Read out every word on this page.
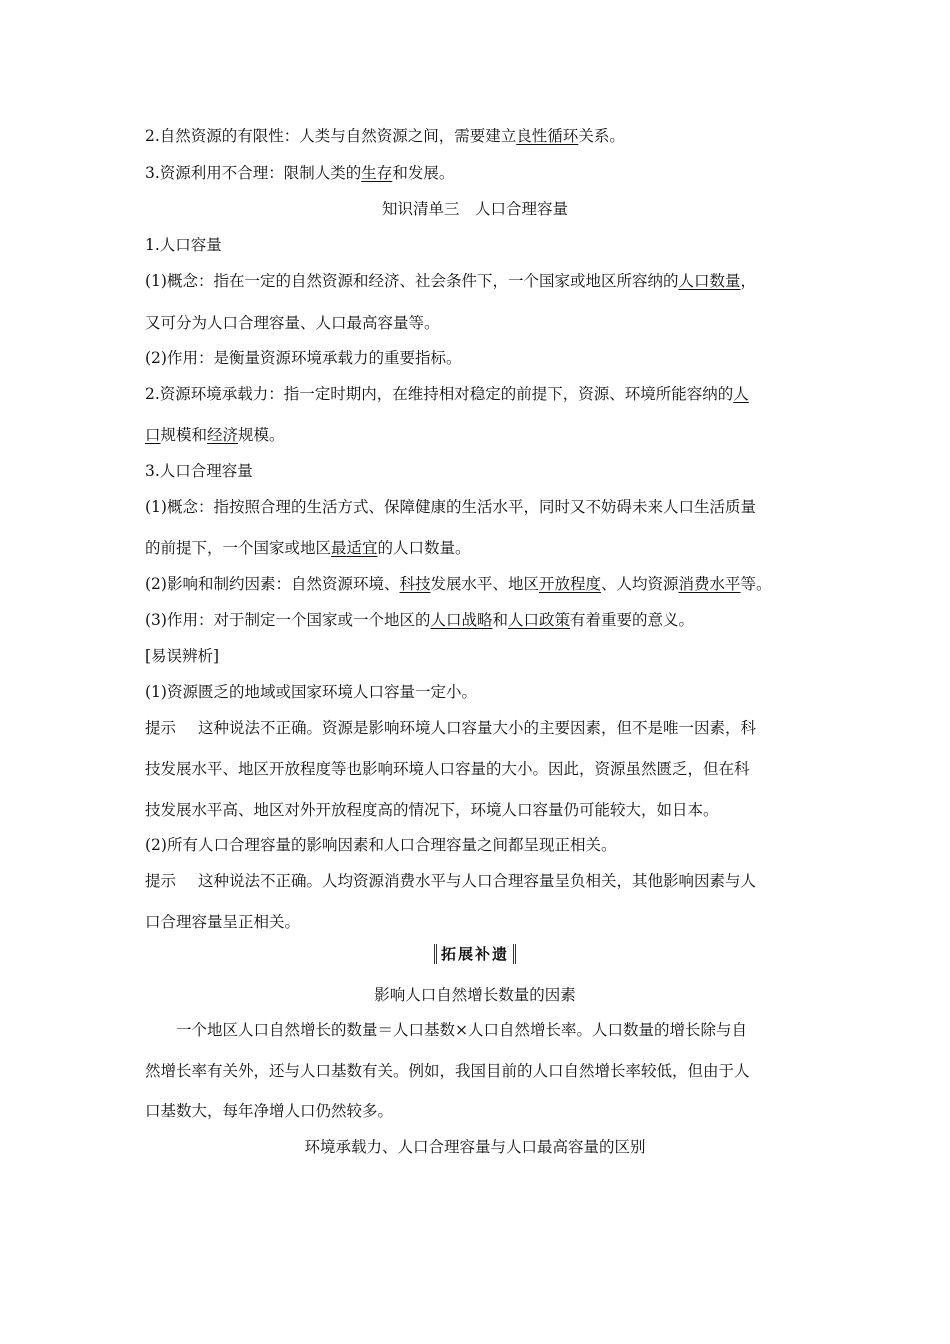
2.自然资源的有限性：人类与自然资源之间，需要建立良性循环关系。
3.资源利用不合理：限制人类的生存和发展。
知识清单三　人口合理容量
1.人口容量
(1)概念：指在一定的自然资源和经济、社会条件下，一个国家或地区所容纳的人口数量，
又可分为人口合理容量、人口最高容量等。
(2)作用：是衡量资源环境承载力的重要指标。
2.资源环境承载力：指一定时期内，在维持相对稳定的前提下，资源、环境所能容纳的人
口规模和经济规模。
3.人口合理容量
(1)概念：指按照合理的生活方式、保障健康的生活水平，同时又不妨碍未来人口生活质量
的前提下，一个国家或地区最适宜的人口数量。
(2)影响和制约因素：自然资源环境、科技发展水平、地区开放程度、人均资源消费水平等。
(3)作用：对于制定一个国家或一个地区的人口战略和人口政策有着重要的意义。
[易误辨析]
(1)资源匮乏的地域或国家环境人口容量一定小。
提示 这种说法不正确。资源是影响环境人口容量大小的主要因素，但不是唯一因素，科
技发展水平、地区开放程度等也影响环境人口容量的大小。因此，资源虽然匮乏，但在科
技发展水平高、地区对外开放程度高的情况下，环境人口容量仍可能较大，如日本。
(2)所有人口合理容量的影响因素和人口合理容量之间都呈现正相关。
提示 这种说法不正确。人均资源消费水平与人口合理容量呈负相关，其他影响因素与人
口合理容量呈正相关。
拓展补遗
影响人口自然增长数量的因素
一个地区人口自然增长的数量＝人口基数×人口自然增长率。人口数量的增长除与自
然增长率有关外，还与人口基数有关。例如，我国目前的人口自然增长率较低，但由于人
口基数大，每年净增人口仍然较多。
环境承载力、人口合理容量与人口最高容量的区别
